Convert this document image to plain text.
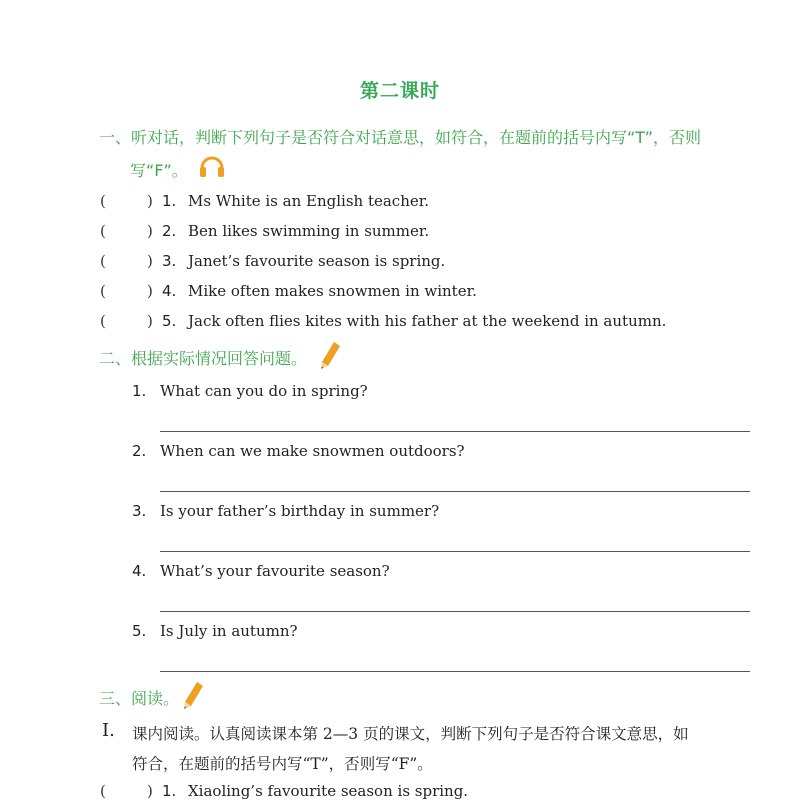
第二课时
一、听对话，判断下列句子是否符合对话意思，如符合，在题前的括号内写“T”，否则
写“F”。
(	) 1. Ms White is an English teacher.
(	) 2. Ben likes swimming in summer.
(	) 3. Janet’s favourite season is spring.
(	) 4. Mike often makes snowmen in winter.
(	) 5. Jack often flies kites with his father at the weekend in autumn.
二、根据实际情况回答问题。
1. What can you do in spring?
2. When can we make snowmen outdoors?
3. Is your father’s birthday in summer?
4. What’s your favourite season?
5. Is July in autumn?
三、阅读。
I. 课内阅读。认真阅读课本第 2—3 页的课文，判断下列句子是否符合课文意思，如
符合，在题前的括号内写“T”，否则写“F”。
(	) 1. Xiaoling’s favourite season is spring.
